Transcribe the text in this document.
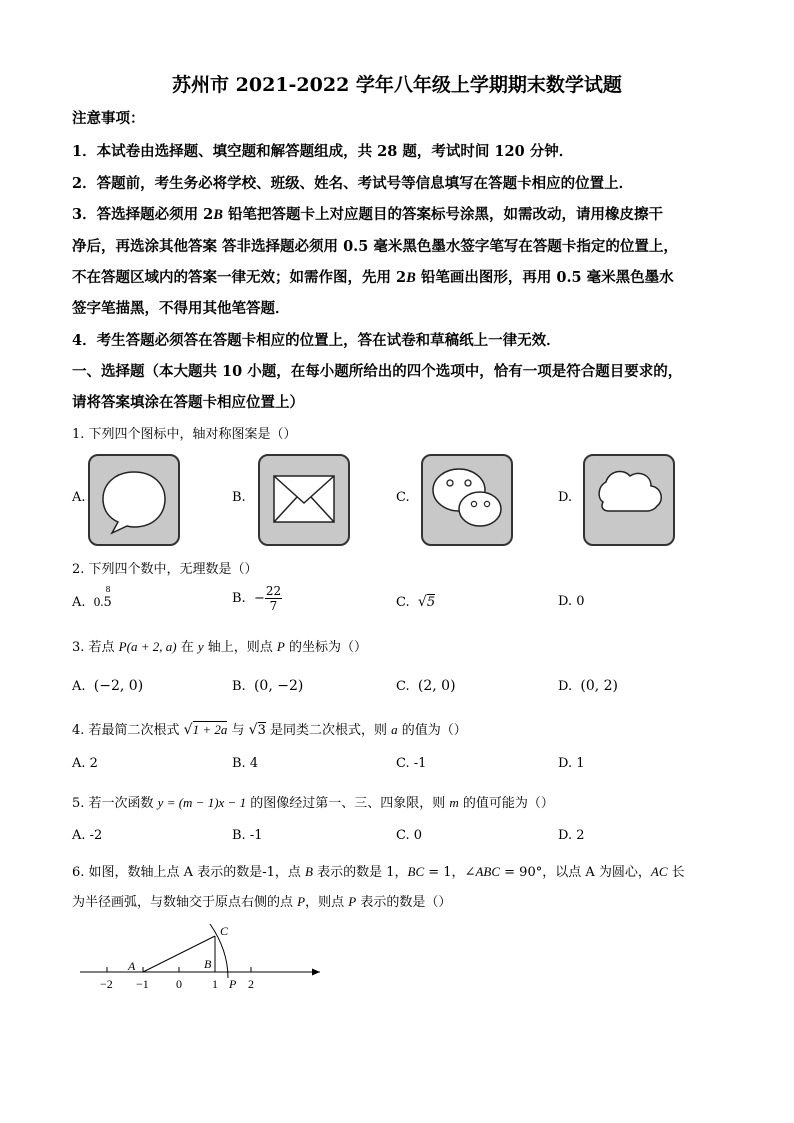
苏州市 2021-2022 学年八年级上学期期末数学试题
注意事项：
1．本试卷由选择题、填空题和解答题组成，共 28 题，考试时间 120 分钟．
2．答题前，考生务必将学校、班级、姓名、考试号等信息填写在答题卡相应的位置上．
3．答选择题必须用 2B 铅笔把答题卡上对应题目的答案标号涂黑，如需改动，请用橡皮擦干
净后，再选涂其他答案 答非选择题必须用 0.5 毫米黑色墨水签字笔写在答题卡指定的位置上，
不在答题区域内的答案一律无效；如需作图，先用 2B 铅笔画出图形，再用 0.5 毫米黑色墨水
签字笔描黑，不得用其他笔答题．
4．考生答题必须答在答题卡相应的位置上，答在试卷和草稿纸上一律无效．
一、选择题（本大题共 10 小题，在每小题所给出的四个选项中，恰有一项是符合题目要求的，
请将答案填涂在答题卡相应位置上）
1. 下列四个图标中，轴对称图案是（）
A.	B.	C.	D.
2. 下列四个数中，无理数是（）
A. 0.
8
5	B. − $\frac{22}{7}$	C. √5	D. 0
3. 若点 P(a + 2, a) 在 y 轴上，则点 P 的坐标为（）
A. (−2, 0)	B. (0, −2)	C. (2, 0)	D. (0, 2)
4. 若最简二次根式 √1 + 2a 与 √3 是同类二次根式，则 a 的值为（）
A. 2	B. 4	C. -1	D. 1
5. 若一次函数 y = (m − 1)x − 1 的图像经过第一、三、四象限，则 m 的值可能为（）
A. -2	B. -1	C. 0	D. 2
6. 如图，数轴上点 A 表示的数是-1，点 B 表示的数是 1，BC = 1，∠ABC = 90°，以点 A 为圆心，AC 长
为半径画弧，与数轴交于原点右侧的点 P，则点 P 表示的数是（）
−2 −1 0	1	2
A	B
C
P
